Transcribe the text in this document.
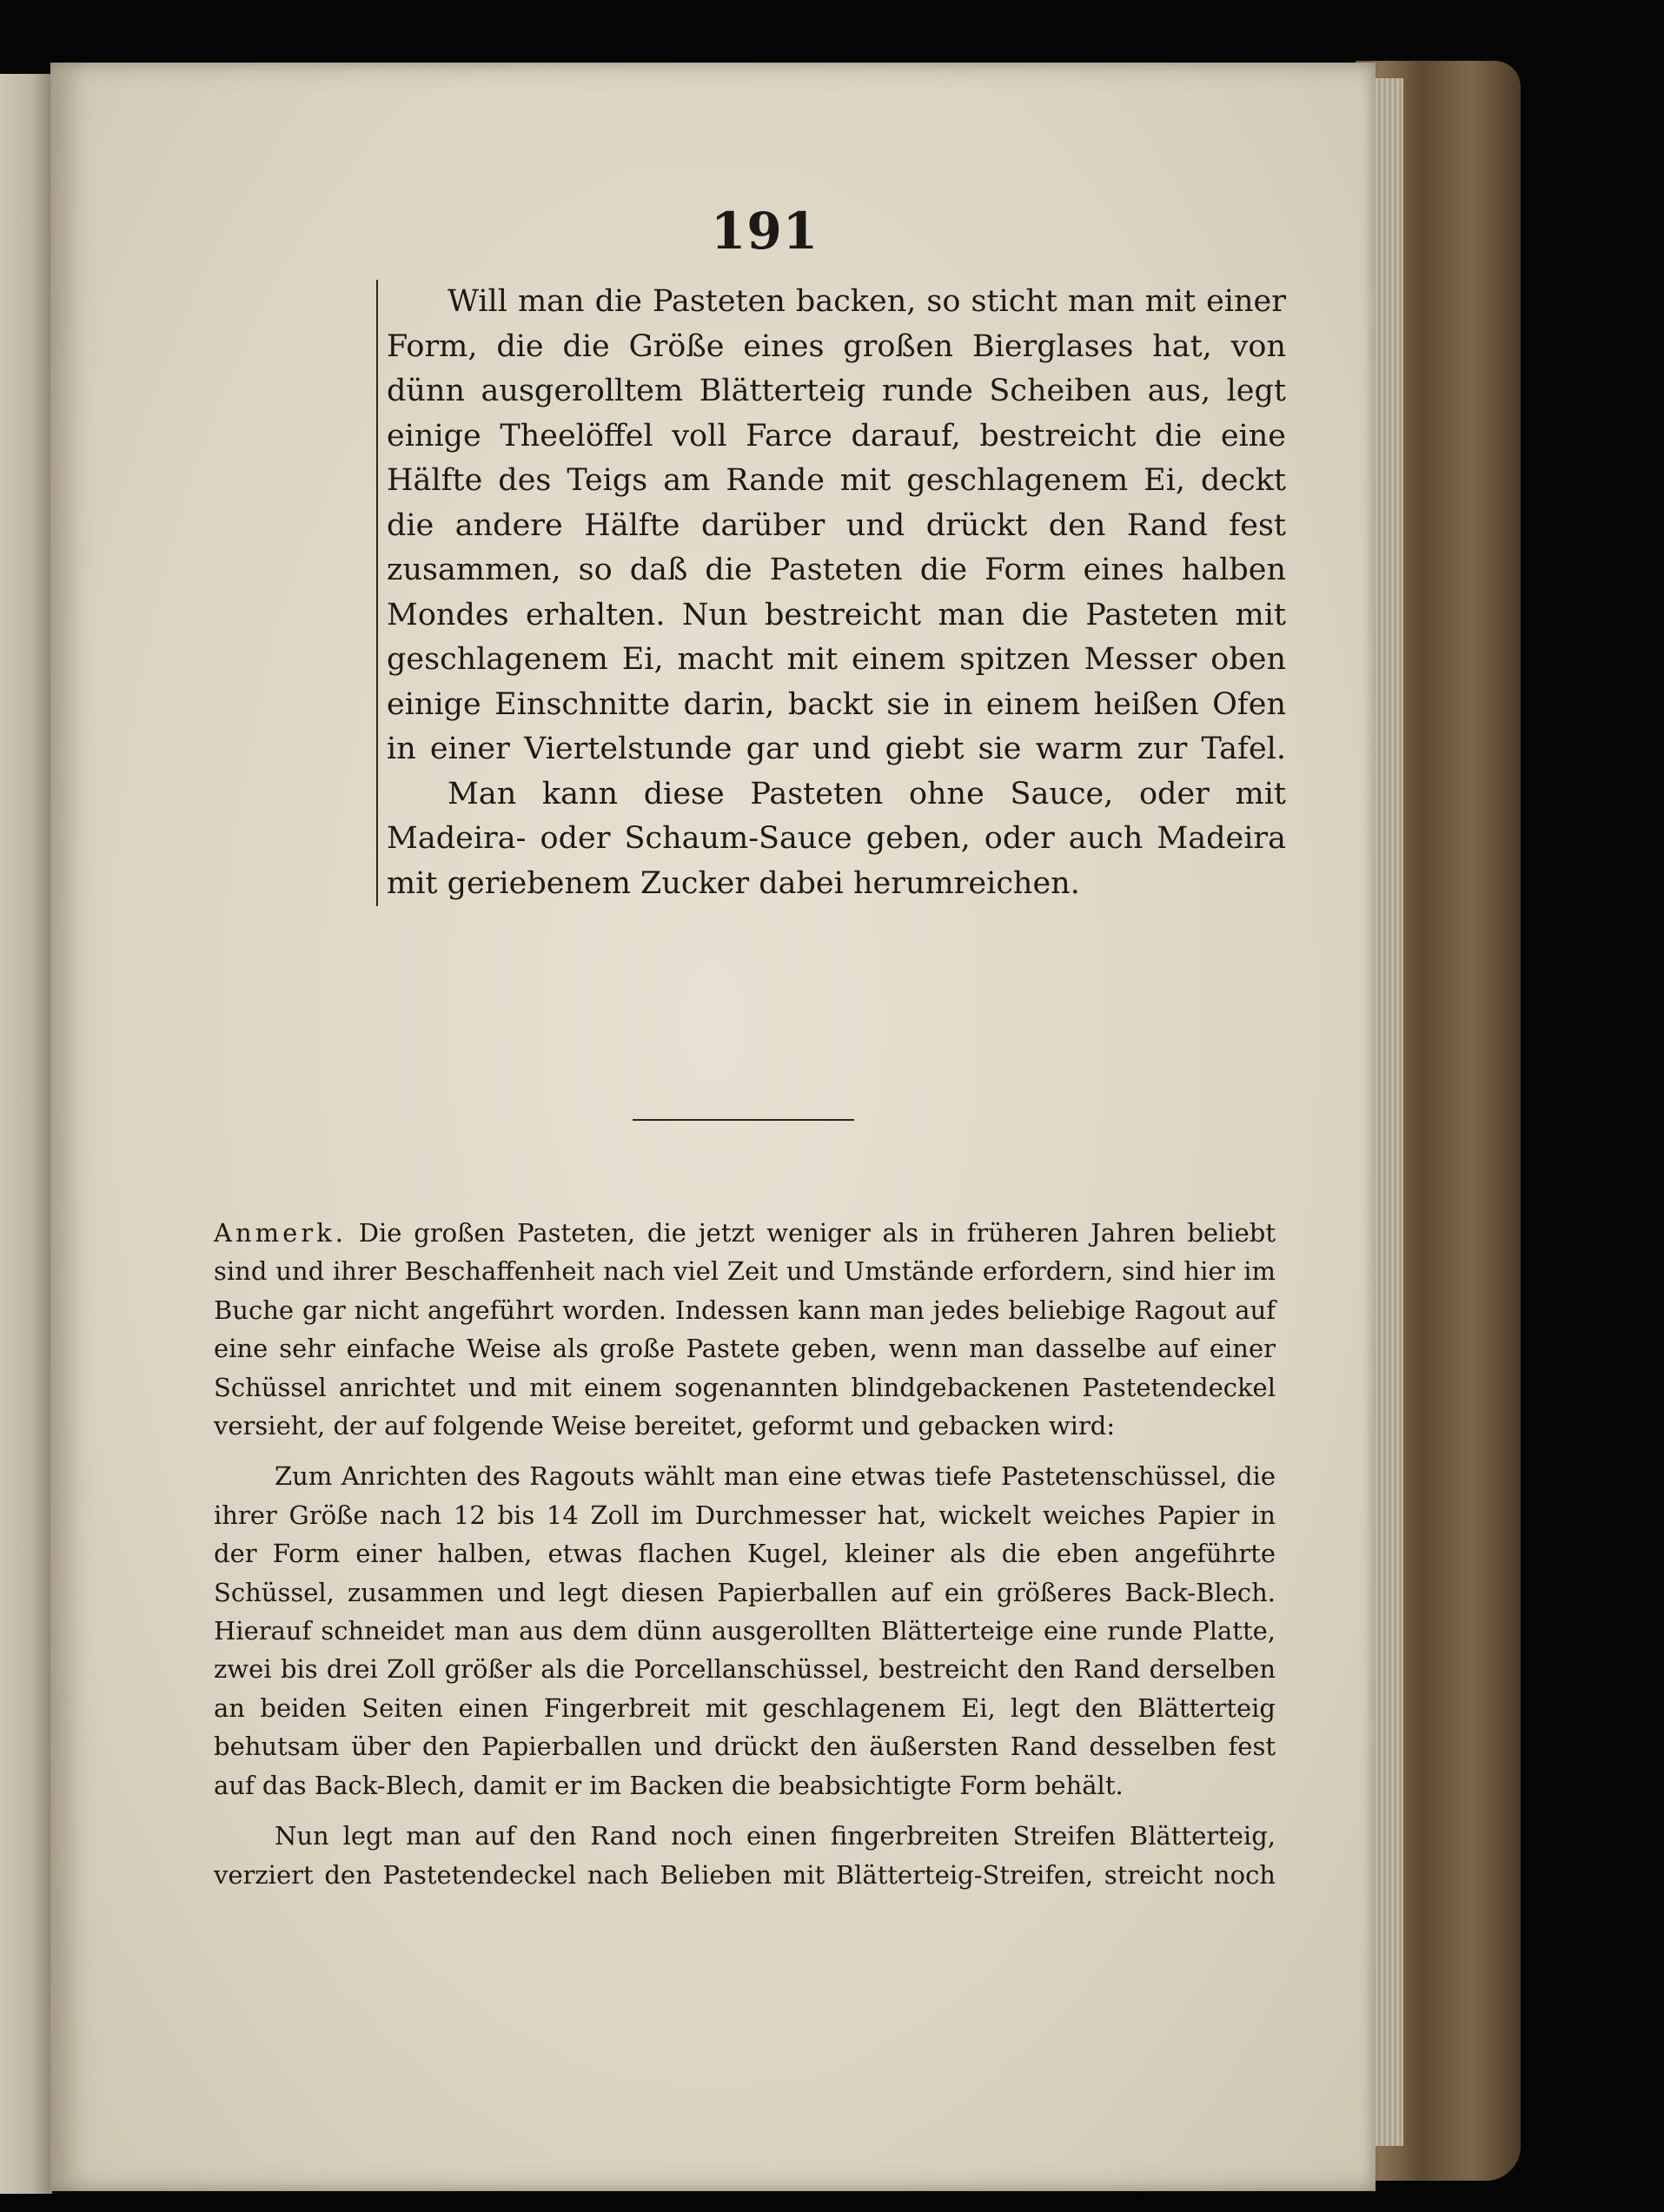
191

Will man die Pasteten backen, so sticht man mit einer Form, die die Größe eines großen Bierglases hat, von dünn ausgerolltem Blätterteig runde Scheiben aus, legt einige Theelöffel voll Farce darauf, bestreicht die eine Hälfte des Teigs am Rande mit geschlagenem Ei, deckt die andere Hälfte darüber und drückt den Rand fest zusammen, so daß die Pasteten die Form eines halben Mondes erhalten. Nun bestreicht man die Pasteten mit geschlagenem Ei, macht mit einem spitzen Messer oben einige Einschnitte darin, backt sie in einem heißen Ofen in einer Viertelstunde gar und giebt sie warm zur Tafel.

Man kann diese Pasteten ohne Sauce, oder mit Madeira- oder Schaum-Sauce geben, oder auch Madeira mit geriebenem Zucker dabei herumreichen.

Anmerk. Die großen Pasteten, die jetzt weniger als in früheren Jahren beliebt sind und ihrer Beschaffenheit nach viel Zeit und Umstände erfordern, sind hier im Buche gar nicht angeführt worden. Indessen kann man jedes beliebige Ragout auf eine sehr einfache Weise als große Pastete geben, wenn man dasselbe auf einer Schüssel anrichtet und mit einem sogenannten blindgebackenen Pastetendeckel versieht, der auf folgende Weise bereitet, geformt und gebacken wird:

Zum Anrichten des Ragouts wählt man eine etwas tiefe Pastetenschüssel, die ihrer Größe nach 12 bis 14 Zoll im Durchmesser hat, wickelt weiches Papier in der Form einer halben, etwas flachen Kugel, kleiner als die eben angeführte Schüssel, zusammen und legt diesen Papierballen auf ein größeres Back-Blech. Hierauf schneidet man aus dem dünn ausgerollten Blätterteige eine runde Platte, zwei bis drei Zoll größer als die Porcellanschüssel, bestreicht den Rand derselben an beiden Seiten einen Fingerbreit mit geschlagenem Ei, legt den Blätterteig behutsam über den Papierballen und drückt den äußersten Rand desselben fest auf das Back-Blech, damit er im Backen die beabsichtigte Form behält.

Nun legt man auf den Rand noch einen fingerbreiten Streifen Blätterteig, verziert den Pastetendeckel nach Belieben mit Blätterteig-Streifen, streicht noch
